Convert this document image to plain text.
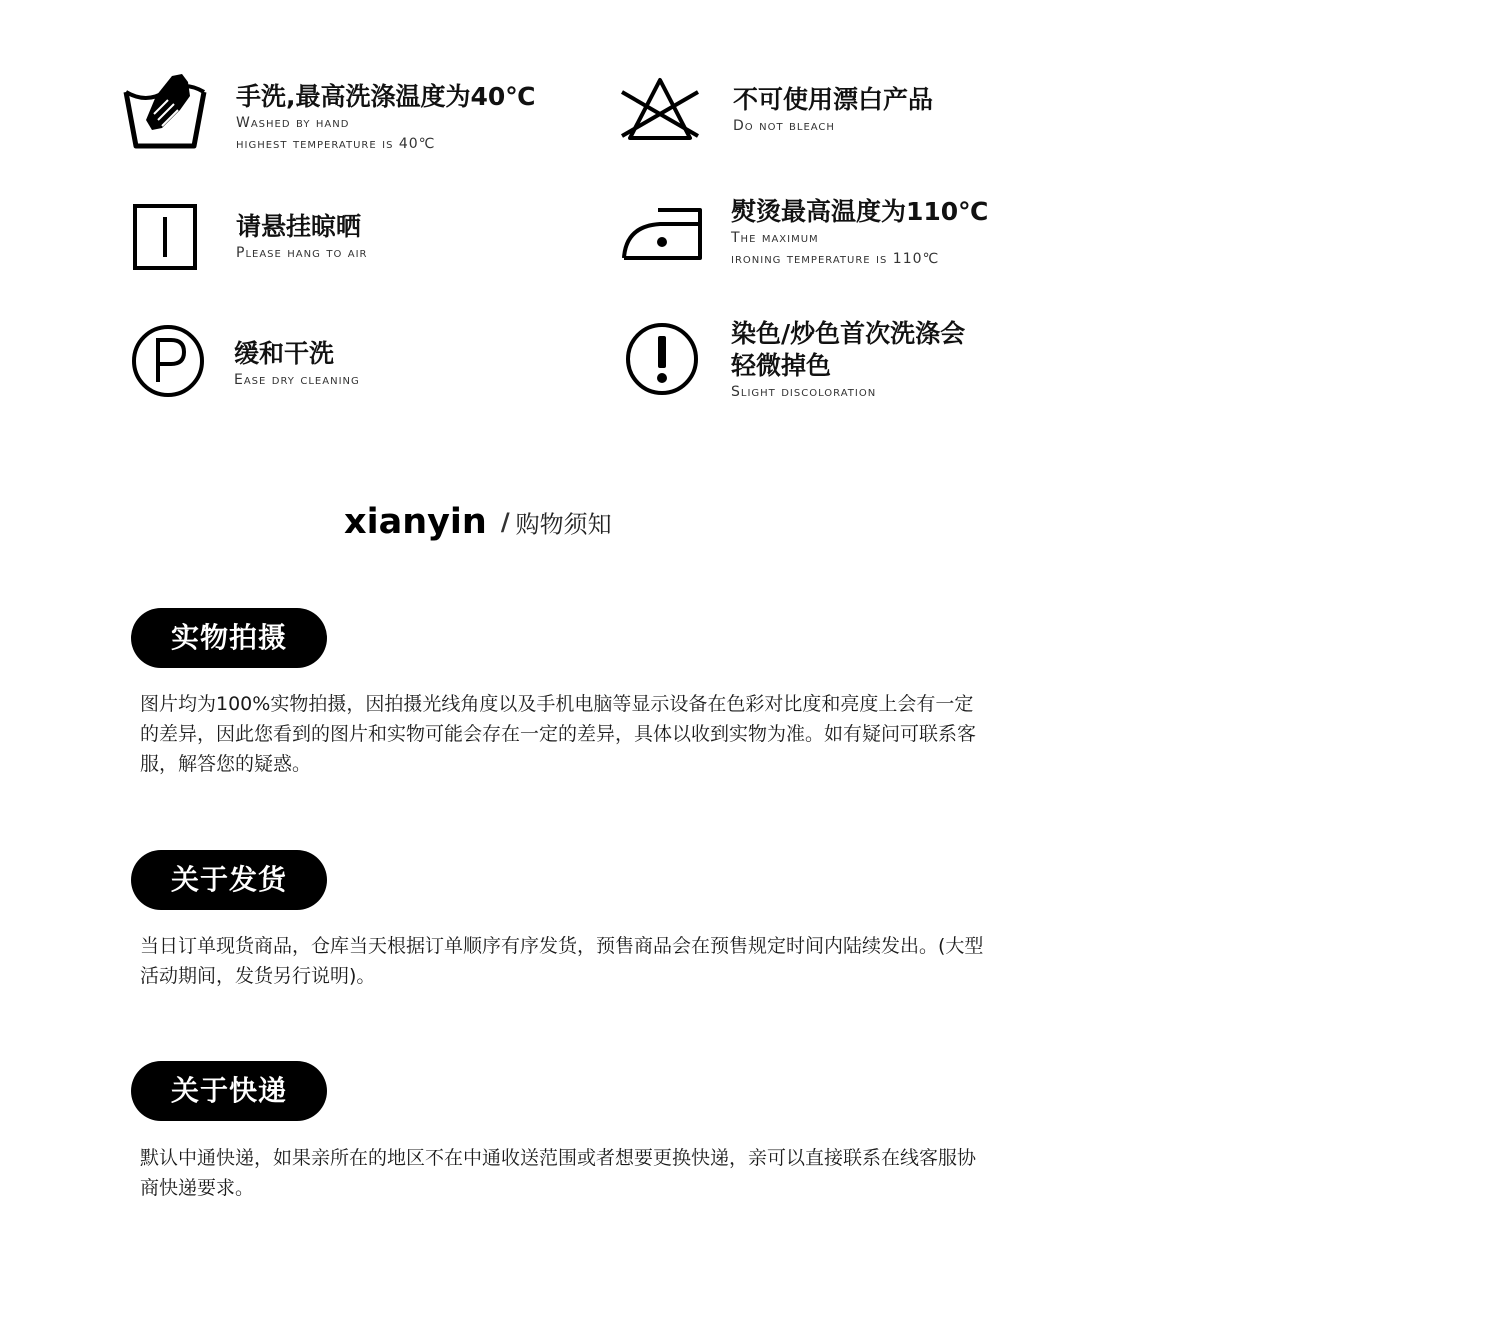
手洗,最高洗涤温度为40℃
Washed by hand
highest temperature is 40℃
不可使用漂白产品
Do not bleach
请悬挂晾晒
Please hang to air
熨烫最高温度为110℃
The maximum
ironing temperature is 110℃
缓和干洗
Ease dry cleaning
染色/炒色首次洗涤会
轻微掉色
Slight discoloration
xianyin / 购物须知
实物拍摄
图片均为100%实物拍摄，因拍摄光线角度以及手机电脑等显示设备在色彩对比度和亮度上会有一定
的差异，因此您看到的图片和实物可能会存在一定的差异，具体以收到实物为准。如有疑问可联系客
服，解答您的疑惑。
关于发货
当日订单现货商品，仓库当天根据订单顺序有序发货，预售商品会在预售规定时间内陆续发出。(大型
活动期间，发货另行说明)。
关于快递
默认中通快递，如果亲所在的地区不在中通收送范围或者想要更换快递，亲可以直接联系在线客服协
商快递要求。
